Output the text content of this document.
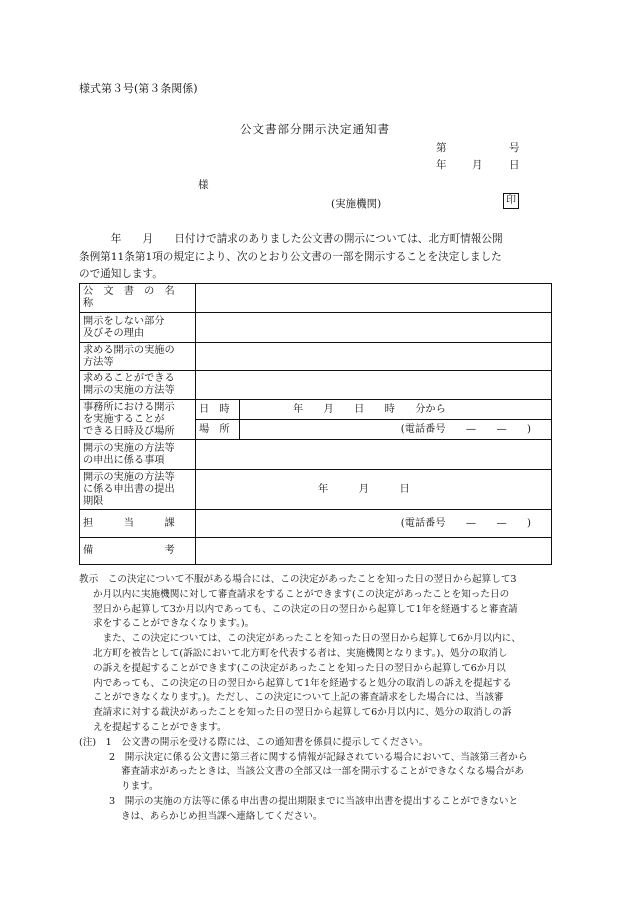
様式第３号(第３条関係)
公文書部分開示決定通知書
第	号
年 月	日
様
(実施機関)	印
　　　年　　月　　日付けで請求のありました公文書の開示については、北方町情報公開
条例第11条第1項の規定により、次のとおり公文書の一部を開示することを決定しました
ので通知します。
公　文　書　の　名　称		

開示をしない部分
及びその理由		

求める開示の実施の
方法等		

求めることができる
開示の実施の方法等		

事務所における開示
を実施することが
できる日時及び場所	日　時	年　　月　　日　　時　　分から
	場　所	(電話番号　　—　　—　　)

開示の実施の方法等
の申出に係る事項		

開示の実施の方法等
に係る申出書の提出
期限	年　　　月　　　日	
担　　　当　　　課	(電話番号　　—　　—　　)	
備　　　　　　　考		
教示　この決定について不服がある場合には、この決定があったことを知った日の翌日から起算して3
か月以内に実施機関に対して審査請求をすることができます(この決定があったことを知った日の
翌日から起算して3か月以内であっても、この決定の日の翌日から起算して1年を経過すると審査請
求をすることができなくなります。)。
　また、この決定については、この決定があったことを知った日の翌日から起算して6か月以内に、
北方町を被告として(訴訟において北方町を代表する者は、実施機関となります。)、処分の取消し
の訴えを提起することができます(この決定があったことを知った日の翌日から起算して6か月以
内であっても、この決定の日の翌日から起算して1年を経過すると処分の取消しの訴えを提起する
ことができなくなります。)。ただし、この決定について上記の審査請求をした場合には、当該審
査請求に対する裁決があったことを知った日の翌日から起算して6か月以内に、処分の取消しの訴
えを提起することができます。
(注)　1　公文書の開示を受ける際には、この通知書を係員に提示してください。
2　開示決定に係る公文書に第三者に関する情報が記録されている場合において、当該第三者から
審査請求があったときは、当該公文書の全部又は一部を開示することができなくなる場合があ
ります。
3　開示の実施の方法等に係る申出書の提出期限までに当該申出書を提出することができないと
きは、あらかじめ担当課へ連絡してください。
